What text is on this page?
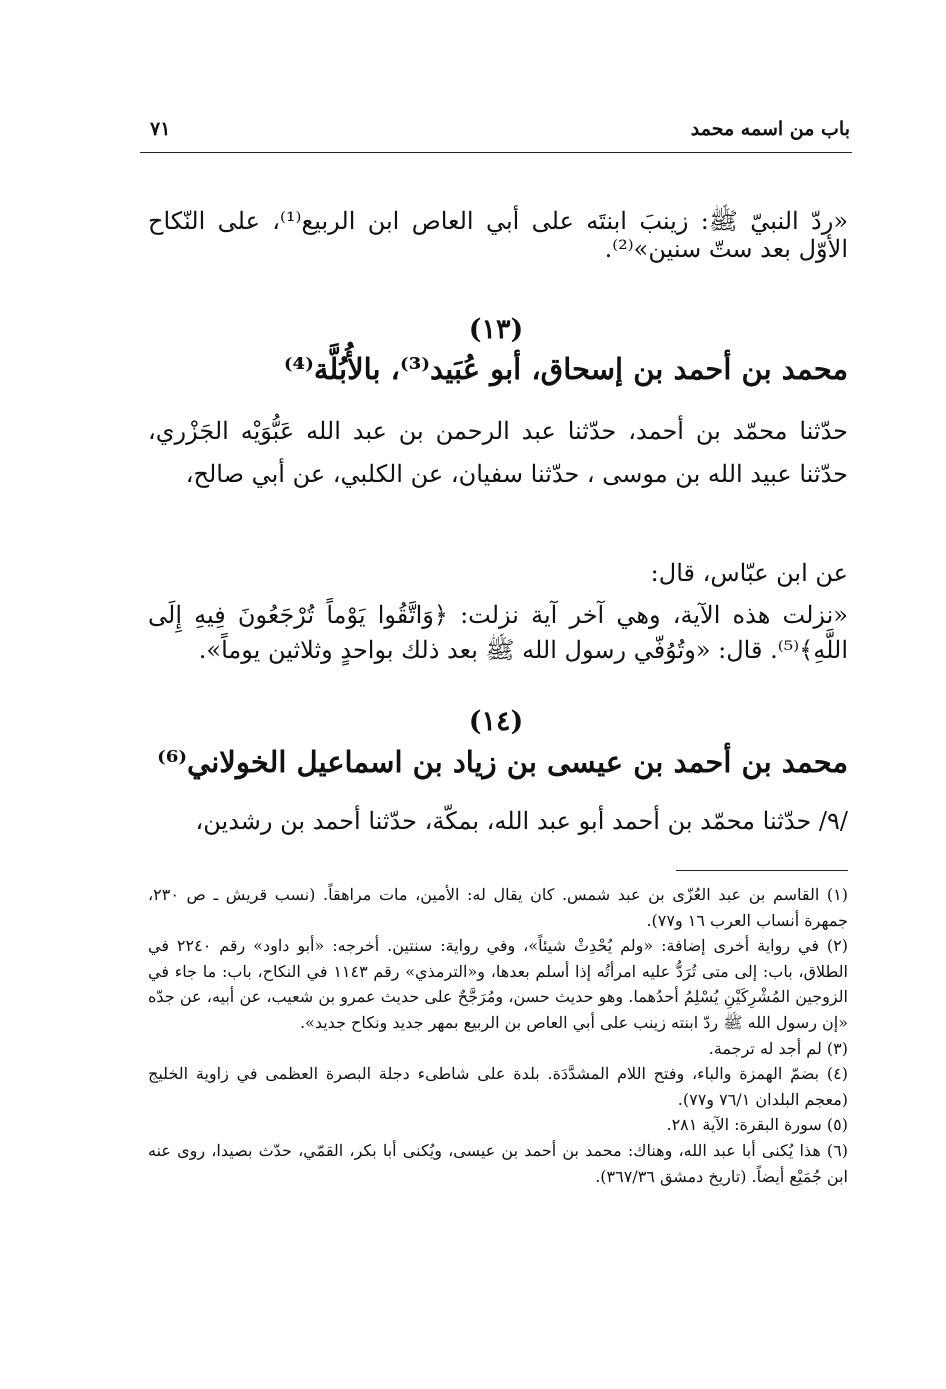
باب من اسمه محمد
٧١
«ردّ النبيّ ﷺ: زينبَ ابنتَه على أبي العاص ابن الربيع⁽¹⁾، على النّكاح الأوّل بعد ستّ سنين»⁽²⁾.
(١٣)
محمد بن أحمد بن إسحاق، أبو عُبَيد⁽³⁾، بالأُبُلَّة⁽⁴⁾
حدّثنا محمّد بن أحمد، حدّثنا عبد الرحمن بن عبد الله عَبُّوَيْه الجَزْري، حدّثنا عبيد الله بن موسى ، حدّثنا سفيان، عن الكلبي، عن أبي صالح،
عن ابن عبّاس، قال:
«نزلت هذه الآية، وهي آخر آية نزلت: ﴿وَاتَّقُوا يَوْماً تُرْجَعُونَ فِيهِ إِلَى اللَّهِ﴾⁽⁵⁾. قال: «وتُوُفّي رسول الله ﷺ بعد ذلك بواحدٍ وثلاثين يوماً».
(١٤)
محمد بن أحمد بن عيسى بن زياد بن اسماعيل الخولاني⁽⁶⁾
/٩/ حدّثنا محمّد بن أحمد أبو عبد الله، بمكّة، حدّثنا أحمد بن رشدين،

(١) القاسم بن عبد العُزّى بن عبد شمس. كان يقال له: الأمين، مات مراهقاً. (نسب قريش ـ ص ٢٣٠، جمهرة أنساب العرب ١٦ و٧٧).

(٢) في رواية أخرى إضافة: «ولم يُحْدِثْ شيئاً»، وفي رواية: سنتين. أخرجه: «أبو داود» رقم ٢٢٤٠ في الطلاق، باب: إلى متى تُرَدُّ عليه امرأتُه إذا أسلم بعدها، و«الترمذي» رقم ١١٤٣ في النكاح، باب: ما جاء في الزوجين المُشْرِكَيْنِ يُسْلِمُ أحدُهما. وهو حديث حسن، ومُرَجَّحٌ على حديث عمرو بن شعيب، عن أبيه، عن جدّه «إن رسول الله ﷺ ردّ ابنته زينب على أبي العاص بن الربيع بمهر جديد ونكاح جديد».

(٣) لم أجد له ترجمة.

(٤) بضمّ الهمزة والباء، وفتح اللام المشدَّدَة. بلدة على شاطىء دجلة البصرة العظمى في زاوية الخليج (معجم البلدان ٧٦/١ و٧٧).

(٥) سورة البقرة: الآية ٢٨١.

(٦) هذا يُكنى أبا عبد الله، وهناك: محمد بن أحمد بن عيسى، ويُكنى أبا بكر، القمّي، حدّث بصيدا، روى عنه ابن جُمَيْع أيضاً. (تاريخ دمشق ٣٦٧/٣٦).
